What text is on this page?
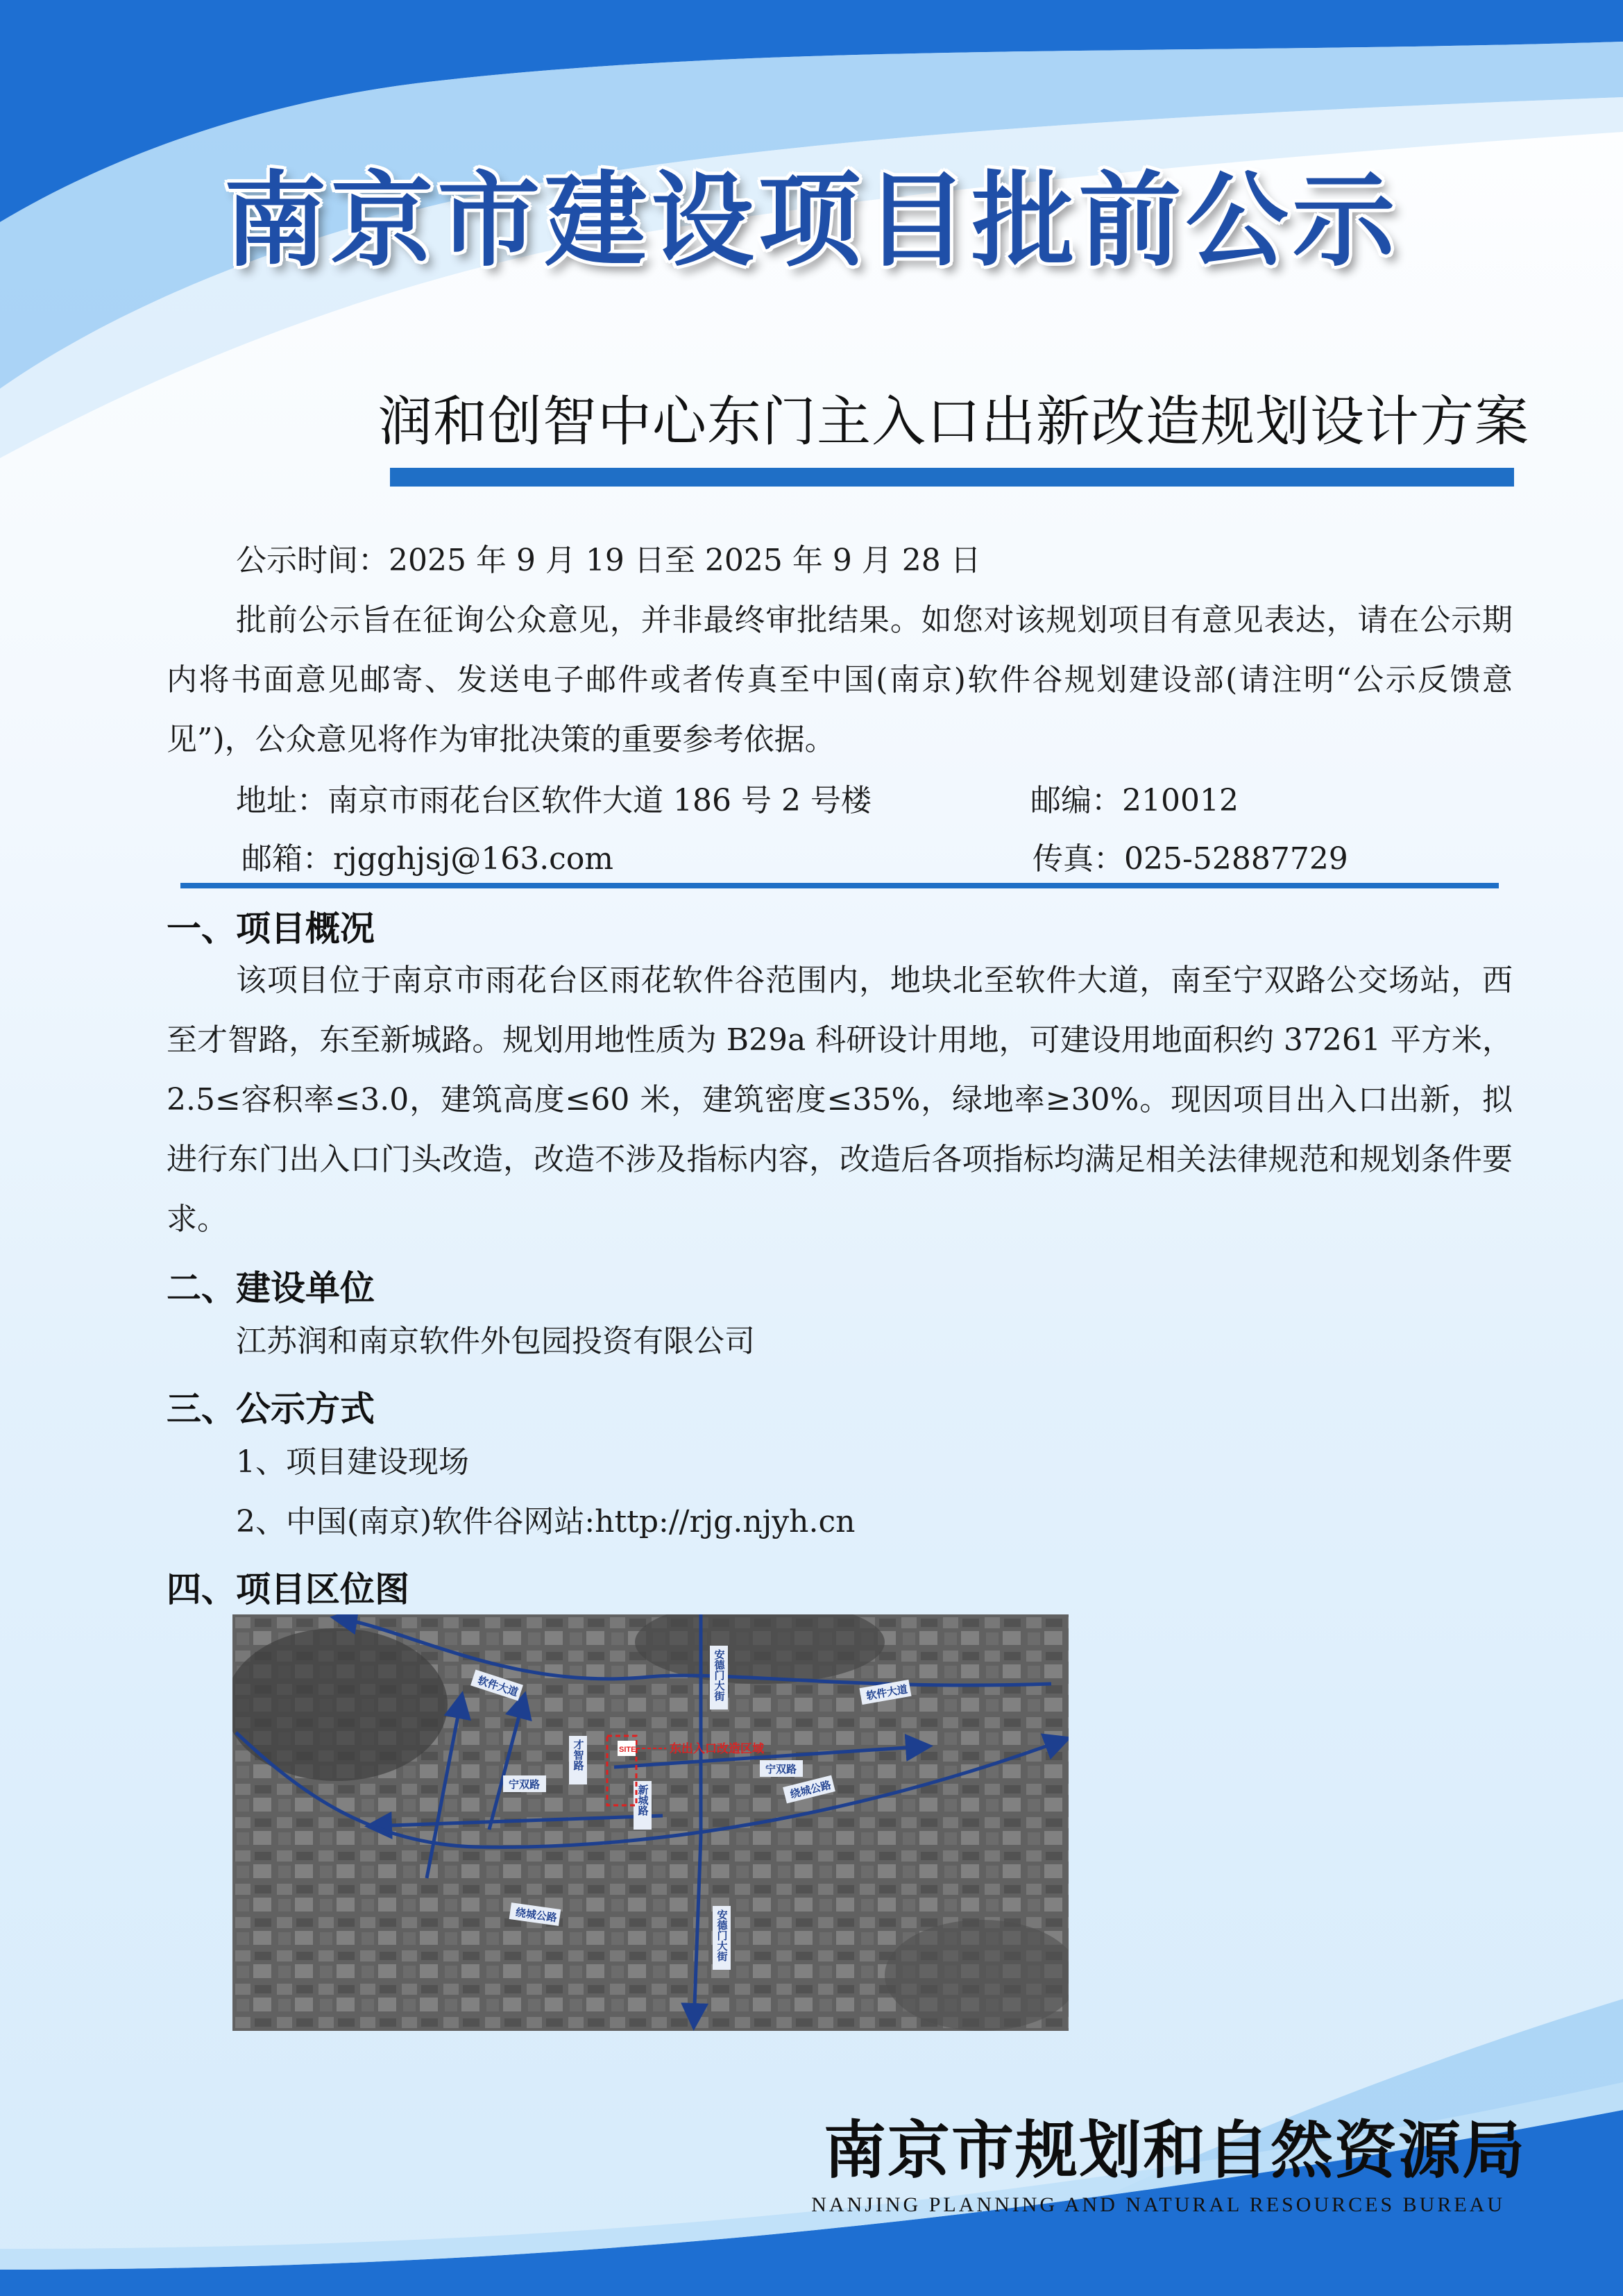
南京市建设项目批前公示
润和创智中心东门主入口出新改造规划设计方案
公示时间：2025 年 9 月 19 日至 2025 年 9 月 28 日
批前公示旨在征询公众意见，并非最终审批结果。如您对该规划项目有意见表达，请在公示期内将书面意见邮寄、发送电子邮件或者传真至中国(南京)软件谷规划建设部(请注明“公示反馈意见”)，公众意见将作为审批决策的重要参考依据。
地址：南京市雨花台区软件大道 186 号 2 号楼	邮编：210012
邮箱：rjgghjsj@163.com	传真：025-52887729
一、项目概况
该项目位于南京市雨花台区雨花软件谷范围内，地块北至软件大道，南至宁双路公交场站，西至才智路，东至新城路。规划用地性质为 B29a 科研设计用地，可建设用地面积约 37261 平方米，2.5≤容积率≤3.0，建筑高度≤60 米，建筑密度≤35%，绿地率≥30%。现因项目出入口出新，拟进行东门出入口门头改造，改造不涉及指标内容，改造后各项指标均满足相关法律规范和规划条件要求。
二、建设单位
江苏润和南京软件外包园投资有限公司
三、公示方式
1、项目建设现场
2、中国(南京)软件谷网站:http://rjg.njyh.cn
四、项目区位图
软件大道	软件大道
安德门大街
安德门大街
才智路
新城路
宁双路
宁双路
绕城公路
绕城公路
SITE	东出入口改造区域
南京市规划和自然资源局
NANJING PLANNING AND NATURAL RESOURCES BUREAU
